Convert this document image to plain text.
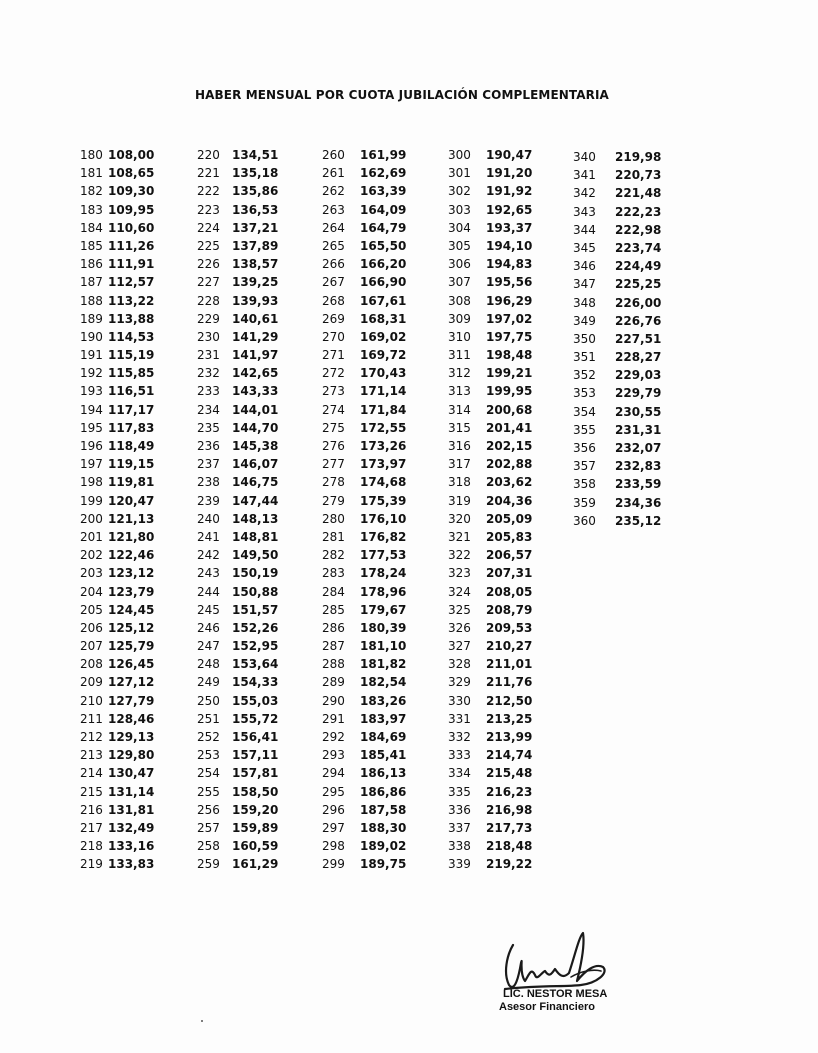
HABER MENSUAL POR CUOTA JUBILACIÓN COMPLEMENTARIA
180 108,00
181 108,65
182 109,30
183 109,95
184 110,60
185 111,26
186 111,91
187 112,57
188 113,22
189 113,88
190 114,53
191 115,19
192 115,85
193 116,51
194 117,17
195 117,83
196 118,49
197 119,15
198 119,81
199 120,47
200 121,13
201 121,80
202 122,46
203 123,12
204 123,79
205 124,45
206 125,12
207 125,79
208 126,45
209 127,12
210 127,79
211 128,46
212 129,13
213 129,80
214 130,47
215 131,14
216 131,81
217 132,49
218 133,16
219 133,83
220	134,51
221	135,18
222	135,86
223	136,53
224	137,21
225	137,89
226	138,57
227	139,25
228	139,93
229	140,61
230	141,29
231	141,97
232	142,65
233	143,33
234	144,01
235	144,70
236	145,38
237	146,07
238	146,75
239	147,44
240	148,13
241	148,81
242	149,50
243	150,19
244	150,88
245	151,57
246	152,26
247	152,95
248	153,64
249	154,33
250	155,03
251	155,72
252	156,41
253	157,11
254	157,81
255	158,50
256	159,20
257	159,89
258	160,59
259	161,29
260	161,99
261	162,69
262	163,39
263	164,09
264	164,79
265	165,50
266	166,20
267	166,90
268	167,61
269	168,31
270	169,02
271	169,72
272	170,43
273	171,14
274	171,84
275	172,55
276	173,26
277	173,97
278	174,68
279	175,39
280	176,10
281	176,82
282	177,53
283	178,24
284	178,96
285	179,67
286	180,39
287	181,10
288	181,82
289	182,54
290	183,26
291	183,97
292	184,69
293	185,41
294	186,13
295	186,86
296	187,58
297	188,30
298	189,02
299	189,75
300	190,47
301	191,20
302	191,92
303	192,65
304	193,37
305	194,10
306	194,83
307	195,56
308	196,29
309	197,02
310	197,75
311	198,48
312	199,21
313	199,95
314	200,68
315	201,41
316	202,15
317	202,88
318	203,62
319	204,36
320	205,09
321	205,83
322	206,57
323	207,31
324	208,05
325	208,79
326	209,53
327	210,27
328	211,01
329	211,76
330	212,50
331	213,25
332	213,99
333	214,74
334	215,48
335	216,23
336	216,98
337	217,73
338	218,48
339	219,22
340	219,98
341	220,73
342	221,48
343	222,23
344	222,98
345	223,74
346	224,49
347	225,25
348	226,00
349	226,76
350	227,51
351	228,27
352	229,03
353	229,79
354	230,55
355	231,31
356	232,07
357	232,83
358	233,59
359	234,36
360	235,12
LIC. NESTOR MESA
Asesor Financiero
